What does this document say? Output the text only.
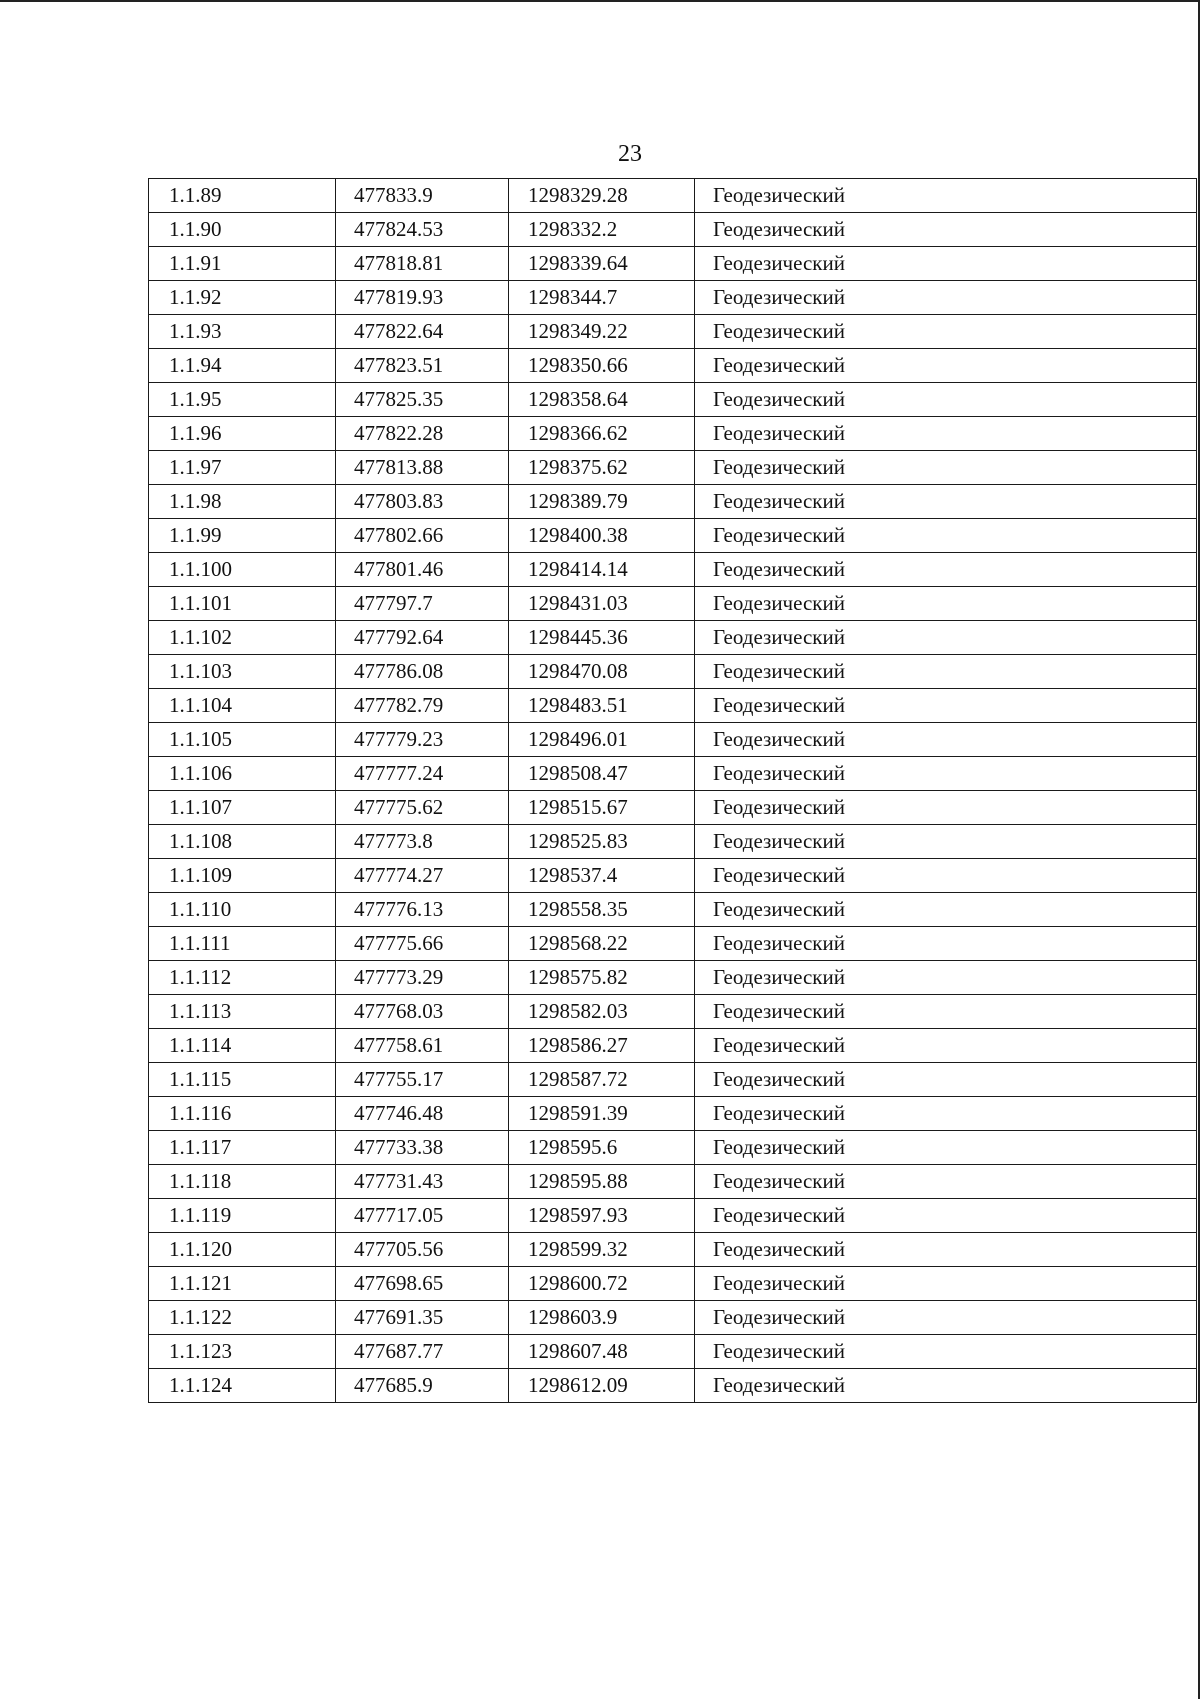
23
1.1.89	477833.9	1298329.28	Геодезический
1.1.90	477824.53	1298332.2	Геодезический
1.1.91	477818.81	1298339.64	Геодезический
1.1.92	477819.93	1298344.7	Геодезический
1.1.93	477822.64	1298349.22	Геодезический
1.1.94	477823.51	1298350.66	Геодезический
1.1.95	477825.35	1298358.64	Геодезический
1.1.96	477822.28	1298366.62	Геодезический
1.1.97	477813.88	1298375.62	Геодезический
1.1.98	477803.83	1298389.79	Геодезический
1.1.99	477802.66	1298400.38	Геодезический
1.1.100	477801.46	1298414.14	Геодезический
1.1.101	477797.7	1298431.03	Геодезический
1.1.102	477792.64	1298445.36	Геодезический
1.1.103	477786.08	1298470.08	Геодезический
1.1.104	477782.79	1298483.51	Геодезический
1.1.105	477779.23	1298496.01	Геодезический
1.1.106	477777.24	1298508.47	Геодезический
1.1.107	477775.62	1298515.67	Геодезический
1.1.108	477773.8	1298525.83	Геодезический
1.1.109	477774.27	1298537.4	Геодезический
1.1.110	477776.13	1298558.35	Геодезический
1.1.111	477775.66	1298568.22	Геодезический
1.1.112	477773.29	1298575.82	Геодезический
1.1.113	477768.03	1298582.03	Геодезический
1.1.114	477758.61	1298586.27	Геодезический
1.1.115	477755.17	1298587.72	Геодезический
1.1.116	477746.48	1298591.39	Геодезический
1.1.117	477733.38	1298595.6	Геодезический
1.1.118	477731.43	1298595.88	Геодезический
1.1.119	477717.05	1298597.93	Геодезический
1.1.120	477705.56	1298599.32	Геодезический
1.1.121	477698.65	1298600.72	Геодезический
1.1.122	477691.35	1298603.9	Геодезический
1.1.123	477687.77	1298607.48	Геодезический
1.1.124	477685.9	1298612.09	Геодезический
